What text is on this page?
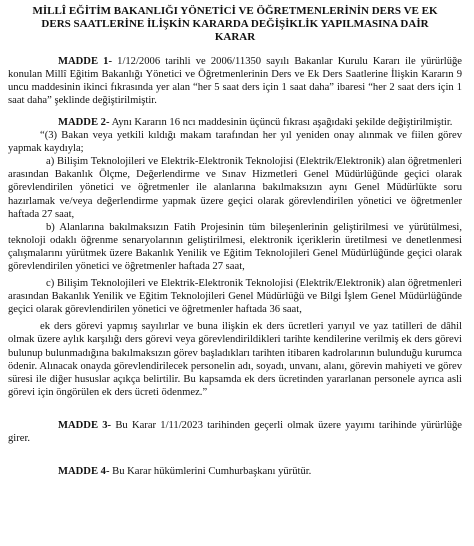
MİLLÎ EĞİTİM BAKANLIĞI YÖNETİCİ VE ÖĞRETMENLERİNİN DERS VE EK
DERS SAATLERİNE İLİŞKİN KARARDA DEĞİŞİKLİK YAPILMASINA DAİR
KARAR

MADDE 1- 1/12/2006 tarihli ve 2006/11350 sayılı Bakanlar Kurulu Kararı ile yürürlüğe konulan Millî Eğitim Bakanlığı Yönetici ve Öğretmenlerinin Ders ve Ek Ders Saatlerine İlişkin Kararın 9 uncu maddesinin ikinci fıkrasında yer alan “her 5 saat ders için 1 saat daha” ibaresi “her 2 saat ders için 1 saat daha” şeklinde değiştirilmiştir.

MADDE 2- Aynı Kararın 16 ncı maddesinin üçüncü fıkrası aşağıdaki şekilde değiştirilmiştir.

“(3) Bakan veya yetkili kıldığı makam tarafından her yıl yeniden onay alınmak ve fiilen görev yapmak kaydıyla;

a) Bilişim Teknolojileri ve Elektrik-Elektronik Teknolojisi (Elektrik/Elektronik) alan öğretmenleri arasından Bakanlık Ölçme, Değerlendirme ve Sınav Hizmetleri Genel Müdürlüğünde geçici olarak görevlendirilen yönetici ve öğretmenler ile alanlarına bakılmaksızın aynı Genel Müdürlükte soru hazırlamak ve/veya değerlendirme yapmak üzere geçici olarak görevlendirilen yönetici ve öğretmenler haftada 27 saat,

b) Alanlarına bakılmaksızın Fatih Projesinin tüm bileşenlerinin geliştirilmesi ve yürütülmesi, teknoloji odaklı öğrenme senaryolarının geliştirilmesi, elektronik içeriklerin üretilmesi ve denetlenmesi çalışmalarını yürütmek üzere Bakanlık Yenilik ve Eğitim Teknolojileri Genel Müdürlüğünde geçici olarak görevlendirilen yönetici ve öğretmenler haftada 27 saat,

c) Bilişim Teknolojileri ve Elektrik-Elektronik Teknolojisi (Elektrik/Elektronik) alan öğretmenleri arasından Bakanlık Yenilik ve Eğitim Teknolojileri Genel Müdürlüğü ve Bilgi İşlem Genel Müdürlüğünde geçici olarak görevlendirilen yönetici ve öğretmenler haftada 36 saat,

ek ders görevi yapmış sayılırlar ve buna ilişkin ek ders ücretleri yarıyıl ve yaz tatilleri de dâhil olmak üzere aylık karşılığı ders görevi veya görevlendirildikleri tarihte kendilerine verilmiş ek ders görevi bulunup bulunmadığına bakılmaksızın görev başladıkları tarihten itibaren kadrolarının bulunduğu kurumca ödenir. Alınacak onayda görevlendirilecek personelin adı, soyadı, unvanı, alanı, görevin mahiyeti ve görev süresi ile diğer hususlar açıkça belirtilir. Bu kapsamda ek ders ücretinden yararlanan personele ayrıca asli görevi için öngörülen ek ders ücreti ödenmez.”

MADDE 3- Bu Karar 1/11/2023 tarihinden geçerli olmak üzere yayımı tarihinde yürürlüğe girer.

MADDE 4- Bu Karar hükümlerini Cumhurbaşkanı yürütür.
